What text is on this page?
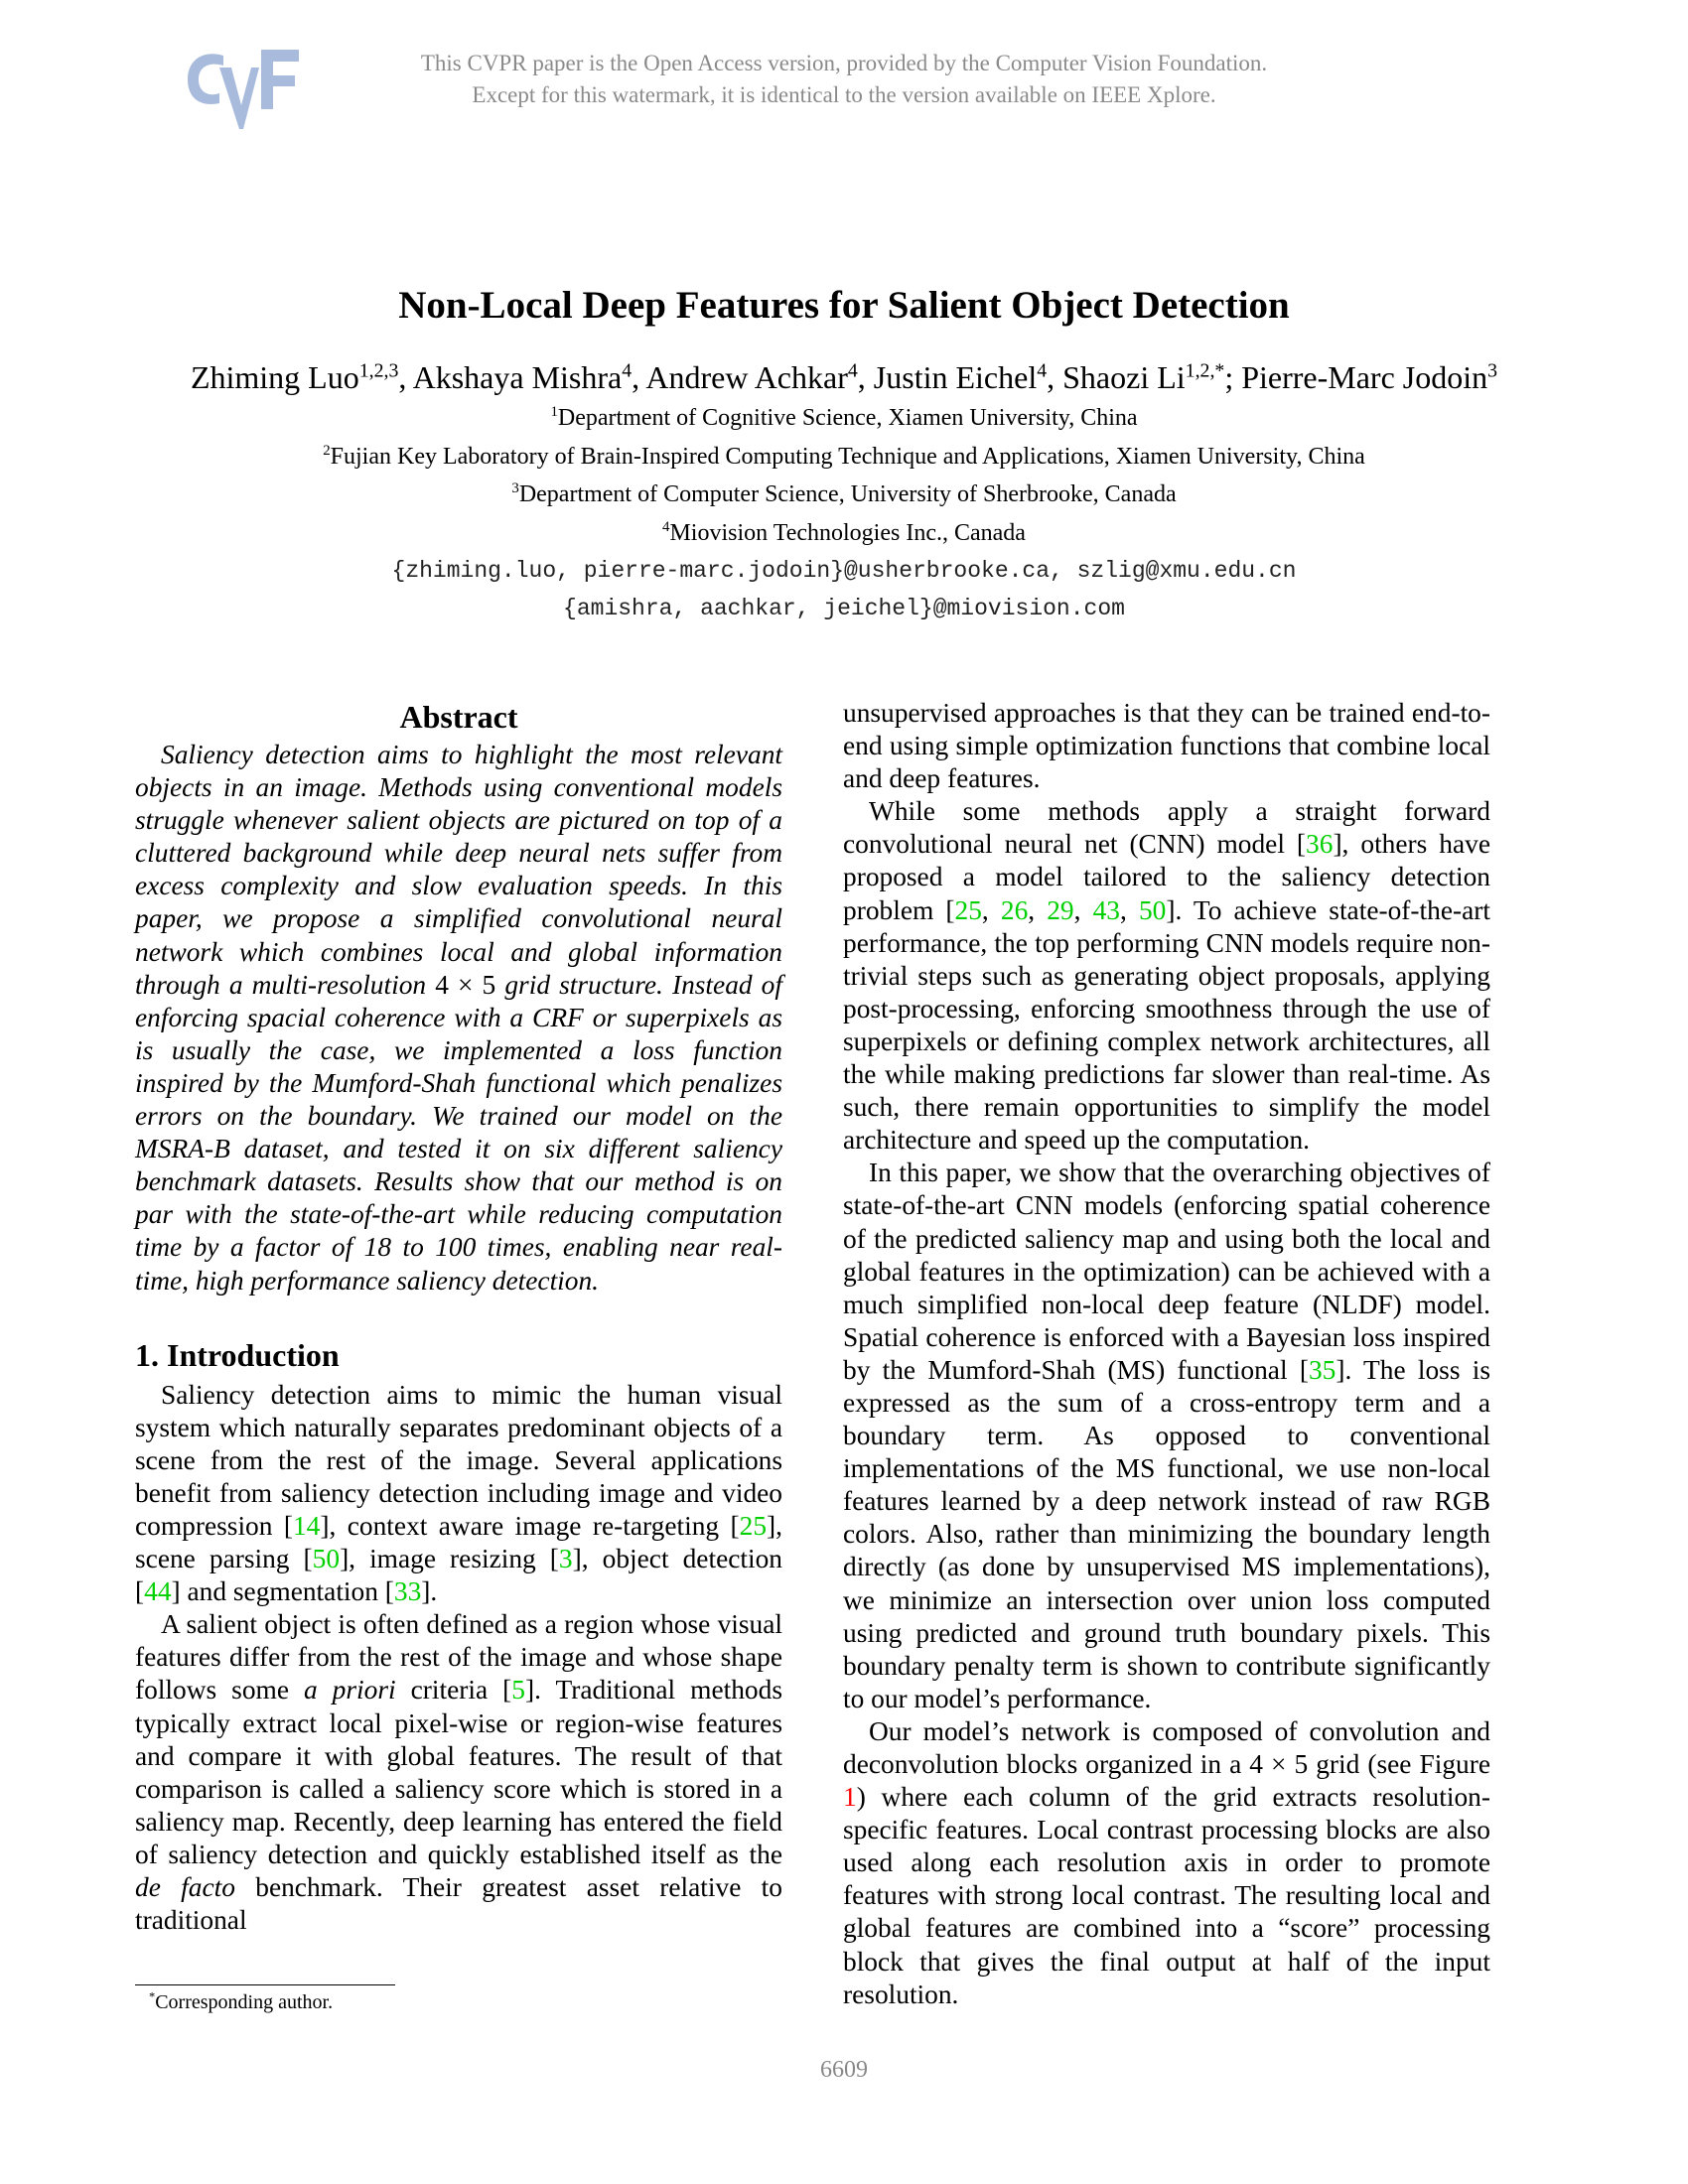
This CVPR paper is the Open Access version, provided by the Computer Vision Foundation.
Except for this watermark, it is identical to the version available on IEEE Xplore.
Non-Local Deep Features for Salient Object Detection
Zhiming Luo$^{1,2,3}$, Akshaya Mishra$^4$, Andrew Achkar$^4$, Justin Eichel$^4$, Shaozi $Li^{1,2,*}$; Pierre-Marc Jodoin$^3$
$^1$Department of Cognitive Science, Xiamen University, China
$^2$Fujian Key Laboratory of Brain-Inspired Computing Technique and Applications, Xiamen University, China
$^3$Department of Computer Science, University of Sherbrooke, Canada
$^4$Miovision Technologies Inc., Canada
{zhiming.luo, pierre-marc.jodoin}@usherbrooke.ca, szlig@xmu.edu.cn
{amishra, aachkar, jeichel}@miovision.com
Abstract

Saliency detection aims to highlight the most relevant objects in an image. Methods using conventional models struggle whenever salient objects are pictured on top of a cluttered background while deep neural nets suffer from excess complexity and slow evaluation speeds. In this paper, we propose a simplified convolutional neural network which combines local and global information through a multi-resolution 4 × 5 grid structure. Instead of enforcing spacial coherence with a CRF or superpixels as is usually the case, we implemented a loss function inspired by the Mumford-Shah functional which penalizes errors on the boundary. We trained our model on the MSRA-B dataset, and tested it on six different saliency benchmark datasets. Results show that our method is on par with the state-of-the-art while reducing computation time by a factor of 18 to 100 times, enabling near real-time, high performance saliency detection.

1. Introduction

Saliency detection aims to mimic the human visual system which naturally separates predominant objects of a scene from the rest of the image. Several applications benefit from saliency detection including image and video compression [14], context aware image re-targeting [25], scene parsing [50], image resizing [3], object detection [44] and segmentation [33].

A salient object is often defined as a region whose visual features differ from the rest of the image and whose shape follows some a priori criteria [5]. Traditional methods typically extract local pixel-wise or region-wise features and compare it with global features. The result of that comparison is called a saliency score which is stored in a saliency map. Recently, deep learning has entered the field of saliency detection and quickly established itself as the de facto benchmark. Their greatest asset relative to traditional

*Corresponding author.

unsupervised approaches is that they can be trained end-to-end using simple optimization functions that combine local and deep features.

While some methods apply a straight forward convolutional neural net (CNN) model [36], others have proposed a model tailored to the saliency detection problem [25, 26, 29, 43, 50]. To achieve state-of-the-art performance, the top performing CNN models require non-trivial steps such as generating object proposals, applying post-processing, enforcing smoothness through the use of superpixels or defining complex network architectures, all the while making predictions far slower than real-time. As such, there remain opportunities to simplify the model architecture and speed up the computation.

In this paper, we show that the overarching objectives of state-of-the-art CNN models (enforcing spatial coherence of the predicted saliency map and using both the local and global features in the optimization) can be achieved with a much simplified non-local deep feature (NLDF) model. Spatial coherence is enforced with a Bayesian loss inspired by the Mumford-Shah (MS) functional [35]. The loss is expressed as the sum of a cross-entropy term and a boundary term. As opposed to conventional implementations of the MS functional, we use non-local features learned by a deep network instead of raw RGB colors. Also, rather than minimizing the boundary length directly (as done by unsupervised MS implementations), we minimize an intersection over union loss computed using predicted and ground truth boundary pixels. This boundary penalty term is shown to contribute significantly to our model’s performance.

Our model’s network is composed of convolution and deconvolution blocks organized in a 4 × 5 grid (see Figure 1) where each column of the grid extracts resolution-specific features. Local contrast processing blocks are also used along each resolution axis in order to promote features with strong local contrast. The resulting local and global features are combined into a “score” processing block that gives the final output at half of the input resolution.

6609
